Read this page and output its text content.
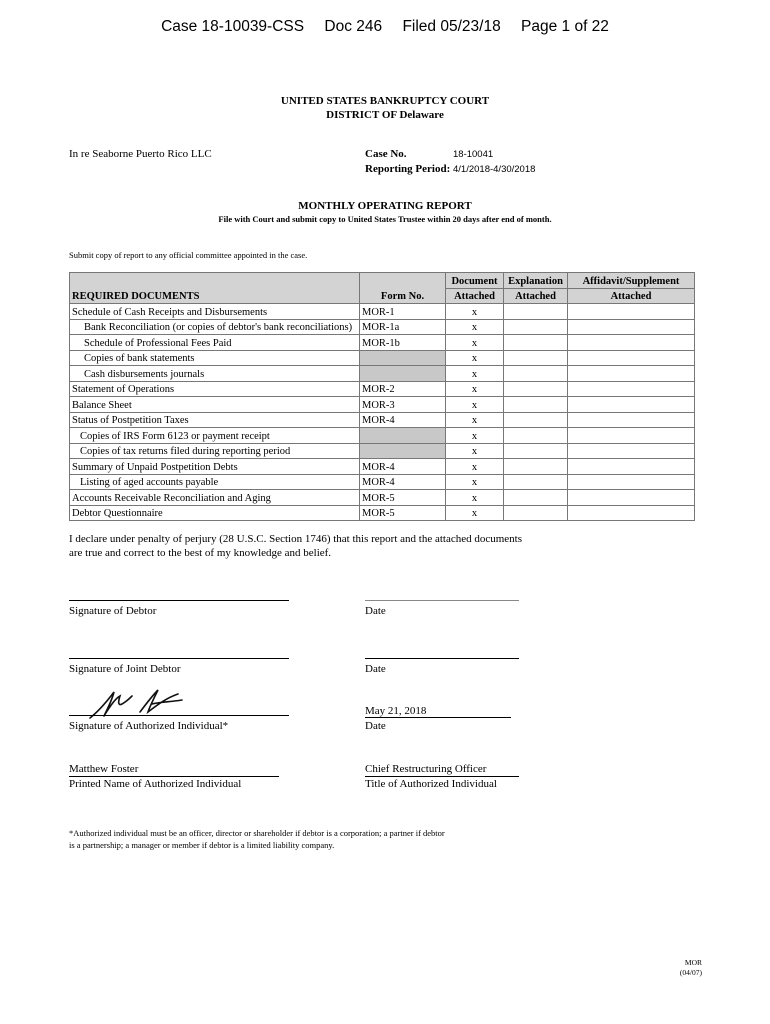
Case 18-10039-CSS Doc 246 Filed 05/23/18 Page 1 of 22
UNITED STATES BANKRUPTCY COURT
DISTRICT OF Delaware
In re Seaborne Puerto Rico LLC	Case No.	18-10041
Reporting Period: 4/1/2018-4/30/2018
MONTHLY OPERATING REPORT
File with Court and submit copy to United States Trustee within 20 days after end of month.
Submit copy of report to any official committee appointed in the case.
REQUIRED DOCUMENTS	Form No.	Document	Explanation	Affidavit/Supplement
		Attached	Attached	Attached
Schedule of Cash Receipts and Disbursements	MOR-1	x		
Bank Reconciliation (or copies of debtor's bank reconciliations)	MOR-1a	x		
Schedule of Professional Fees Paid	MOR-1b	x		
Copies of bank statements		x		
Cash disbursements journals		x		
Statement of Operations	MOR-2	x		
Balance Sheet	MOR-3	x		
Status of Postpetition Taxes	MOR-4	x		
Copies of IRS Form 6123 or payment receipt		x		
Copies of tax returns filed during reporting period		x		
Summary of Unpaid Postpetition Debts	MOR-4	x		
Listing of aged accounts payable	MOR-4	x		
Accounts Receivable Reconciliation and Aging	MOR-5	x		
Debtor Questionnaire	MOR-5	x		
I declare under penalty of perjury (28 U.S.C. Section 1746) that this report and the attached documents
are true and correct to the best of my knowledge and belief.
Signature of Debtor	Date
Signature of Joint Debtor	Date
May 21, 2018
Signature of Authorized Individual*	Date
Matthew Foster	Chief Restructuring Officer
Printed Name of Authorized Individual	Title of Authorized Individual
*Authorized individual must be an officer, director or shareholder if debtor is a corporation; a partner if debtor
is a partnership; a manager or member if debtor is a limited liability company.
MOR
(04/07)
